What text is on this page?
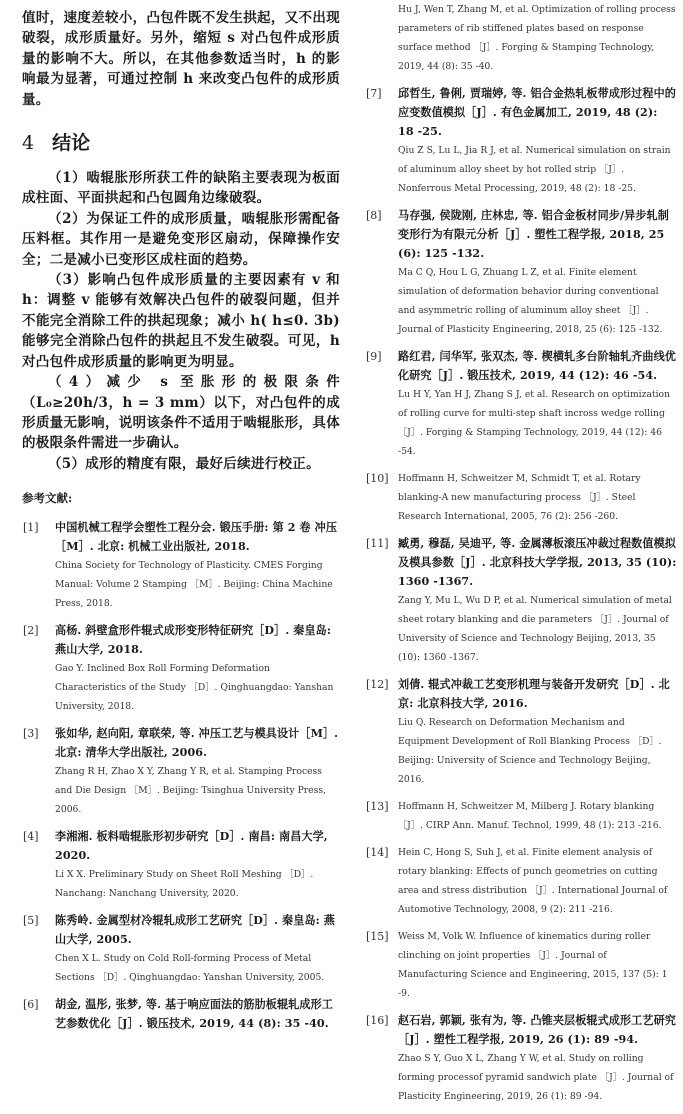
值时，速度差较小，凸包件既不发生拱起，又不出现破裂，成形质量好。另外，缩短 s 对凸包件成形质量的影响不大。所以，在其他参数适当时，h 的影响最为显著，可通过控制 h 来改变凸包件的成形质量。

4 结论

（1）啮辊胀形所获工件的缺陷主要表现为板面成柱面、平面拱起和凸包圆角边缘破裂。

（2）为保证工件的成形质量，啮辊胀形需配备压料框。其作用一是避免变形区扇动，保障操作安全；二是减小已变形区成柱面的趋势。

（3）影响凸包件成形质量的主要因素有 v 和 h：调整 v 能够有效解决凸包件的破裂问题，但并不能完全消除工件的拱起现象；减小 h( h≤0. 3b) 能够完全消除凸包件的拱起且不发生破裂。可见，h 对凸包件成形质量的影响更为明显。

（4）减少 s 至胀形的极限条件（L₀≥20h/3，h = 3 mm）以下，对凸包件的成形质量无影响，说明该条件不适用于啮辊胀形，具体的极限条件需进一步确认。

（5）成形的精度有限，最好后续进行校正。

参考文献:
[1] 中国机械工程学会塑性工程分会. 锻压手册: 第 2 卷 冲压［M］. 北京: 机械工业出版社, 2018.
China Society for Technology of Plasticity. CMES Forging Manual: Volume 2 Stamping ［M］. Beijing: China Machine Press, 2018.
[2] 高杨. 斜壁盒形件辊式成形变形特征研究［D］. 秦皇岛: 燕山大学, 2018.
Gao Y. Inclined Box Roll Forming Deformation Characteristics of the Study ［D］. Qinghuangdao: Yanshan University, 2018.
[3] 张如华, 赵向阳, 章联荣, 等. 冲压工艺与模具设计［M］. 北京: 清华大学出版社, 2006.
Zhang R H, Zhao X Y, Zhang Y R, et al. Stamping Process and Die Design ［M］. Beijing: Tsinghua University Press, 2006.
[4] 李湘湘. 板料啮辊胀形初步研究［D］. 南昌: 南昌大学, 2020.
Li X X. Preliminary Study on Sheet Roll Meshing ［D］. Nanchang: Nanchang University, 2020.
[5] 陈秀岭. 金属型材冷辊轧成形工艺研究［D］. 秦皇岛: 燕山大学, 2005.
Chen X L. Study on Cold Roll-forming Process of Metal Sections ［D］. Qinghuangdao: Yanshan University, 2005.
[6] 胡金, 温彤, 张梦, 等. 基于响应面法的筋肋板辊轧成形工艺参数优化［J］. 锻压技术, 2019, 44 (8): 35 -40.
Hu J, Wen T, Zhang M, et al. Optimization of rolling process parameters of rib stiffened plates based on response surface method ［J］. Forging & Stamping Technology, 2019, 44 (8): 35 -40.
[7] 邱哲生, 鲁俐, 贾瑞婷, 等. 铝合金热轧板带成形过程中的应变数值模拟［J］. 有色金属加工, 2019, 48 (2): 18 -25.
Qiu Z S, Lu L, Jia R J, et al. Numerical simulation on strain of aluminum alloy sheet by hot rolled strip ［J］. Nonferrous Metal Processing, 2019, 48 (2): 18 -25.
[8] 马存强, 侯陇刚, 庄林忠, 等. 铝合金板材同步/异步轧制变形行为有限元分析［J］. 塑性工程学报, 2018, 25 (6): 125 -132.
Ma C Q, Hou L G, Zhuang L Z, et al. Finite element simulation of deformation behavior during conventional and asymmetric rolling of aluminum alloy sheet ［J］. Journal of Plasticity Engineering, 2018, 25 (6): 125 -132.
[9] 路红君, 闫华军, 张双杰, 等. 楔横轧多台阶轴轧齐曲线优化研究［J］. 锻压技术, 2019, 44 (12): 46 -54.
Lu H Y, Yan H J, Zhang S J, et al. Research on optimization of rolling curve for multi-step shaft incross wedge rolling ［J］. Forging & Stamping Technology, 2019, 44 (12): 46 -54.
[10] Hoffmann H, Schweitzer M, Schmidt T, et al. Rotary blanking-A new manufacturing process ［J］. Steel Research International, 2005, 76 (2): 256 -260.
[11] 臧勇, 穆磊, 吴迪平, 等. 金属薄板滚压冲裁过程数值模拟及模具参数［J］. 北京科技大学学报, 2013, 35 (10): 1360 -1367.
Zang Y, Mu L, Wu D P, et al. Numerical simulation of metal sheet rotary blanking and die parameters ［J］. Journal of University of Science and Technology Beijing, 2013, 35 (10): 1360 -1367.
[12] 刘倩. 辊式冲裁工艺变形机理与装备开发研究［D］. 北京: 北京科技大学, 2016.
Liu Q. Research on Deformation Mechanism and Equipment Development of Roll Blanking Process ［D］. Beijing: University of Science and Technology Beijing, 2016.
[13] Hoffmann H, Schweitzer M, Milberg J. Rotary blanking ［J］. CIRP Ann. Manuf. Technol, 1999, 48 (1): 213 -216.
[14] Hein C, Hong S, Suh J, et al. Finite element analysis of rotary blanking: Effects of punch geometries on cutting area and stress distribution ［J］. International Journal of Automotive Technology, 2008, 9 (2): 211 -216.
[15] Weiss M, Volk W. Influence of kinematics during roller clinching on joint properties ［J］. Journal of Manufacturing Science and Engineering, 2015, 137 (5): 1 -9.
[16] 赵石岩, 郭颖, 张有为, 等. 凸锥夹层板辊式成形工艺研究［J］. 塑性工程学报, 2019, 26 (1): 89 -94.
Zhao S Y, Guo X L, Zhang Y W, et al. Study on rolling forming processof pyramid sandwich plate ［J］. Journal of Plasticity Engineering, 2019, 26 (1): 89 -94.
